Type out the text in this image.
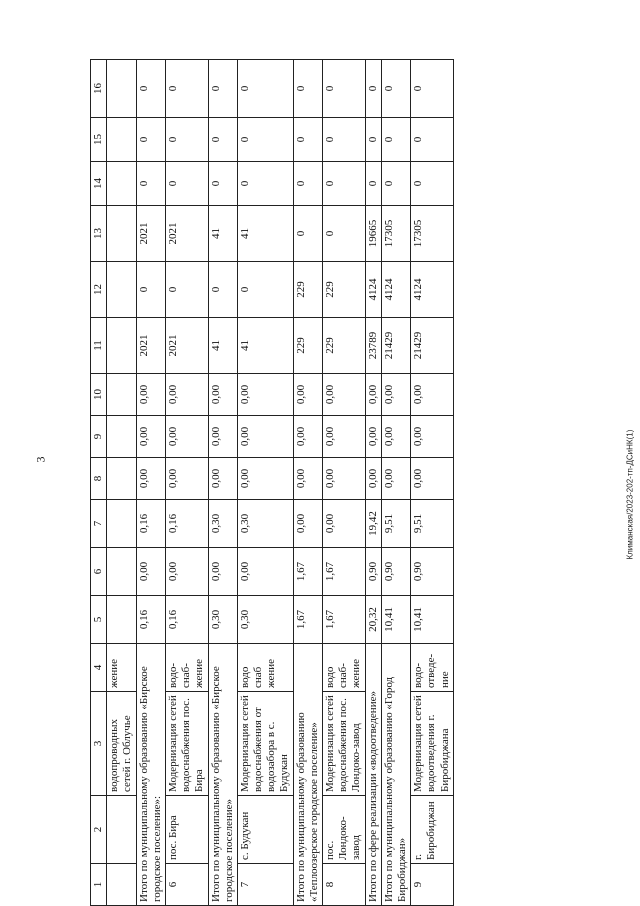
3	Климанская/2023-202-тп-ДСиНК(1)
1	2	3	4	5	6	7	8	9	10	11	12	13	14	15	16
		водопроводных сетей г. Облучье	жение												
Итого по муниципальному образованию «Бирское городское поселение»:				0,16	0,00	0,16	0,00	0,00	0,00	2021	0	2021	0	0	0
6	пос. Бира	Модернизация сетей водоснабжения пос. Бира	водо-снаб-жение	0,16	0,00	0,16	0,00	0,00	0,00	2021	0	2021	0	0	0
Итого по муниципальному образованию «Бирское городское поселение»				0,30	0,00	0,30	0,00	0,00	0,00	41	0	41	0	0	0
7	с. Будукан	Модернизация сетей водоснабжения от водозабора в с. Будукан	водо снаб жение	0,30	0,00	0,30	0,00	0,00	0,00	41	0	41	0	0	0
Итого по муниципальному образованию «Теплоозерское городское поселение»				1,67	1,67	0,00	0,00	0,00	0,00	229	229	0	0	0	0
8	пос. Лондоко-завод	Модернизация сетей водоснабжения пос. Лондоко-завод	водо снаб-жение	1,67	1,67	0,00	0,00	0,00	0,00	229	229	0	0	0	0
Итого по сфере реализации «водоотведение»				20,32	0,90	19,42	0,00	0,00	0,00	23789	4124	19665	0	0	0
Итого по муниципальному образованию «Город Биробиджан»				10,41	0,90	9,51	0,00	0,00	0,00	21429	4124	17305	0	0	0
9	г. Биробиджан	Модернизация сетей водоотведения г. Биробиджана	водо-отведе-ние	10,41	0,90	9,51	0,00	0,00	0,00	21429	4124	17305	0	0	0
